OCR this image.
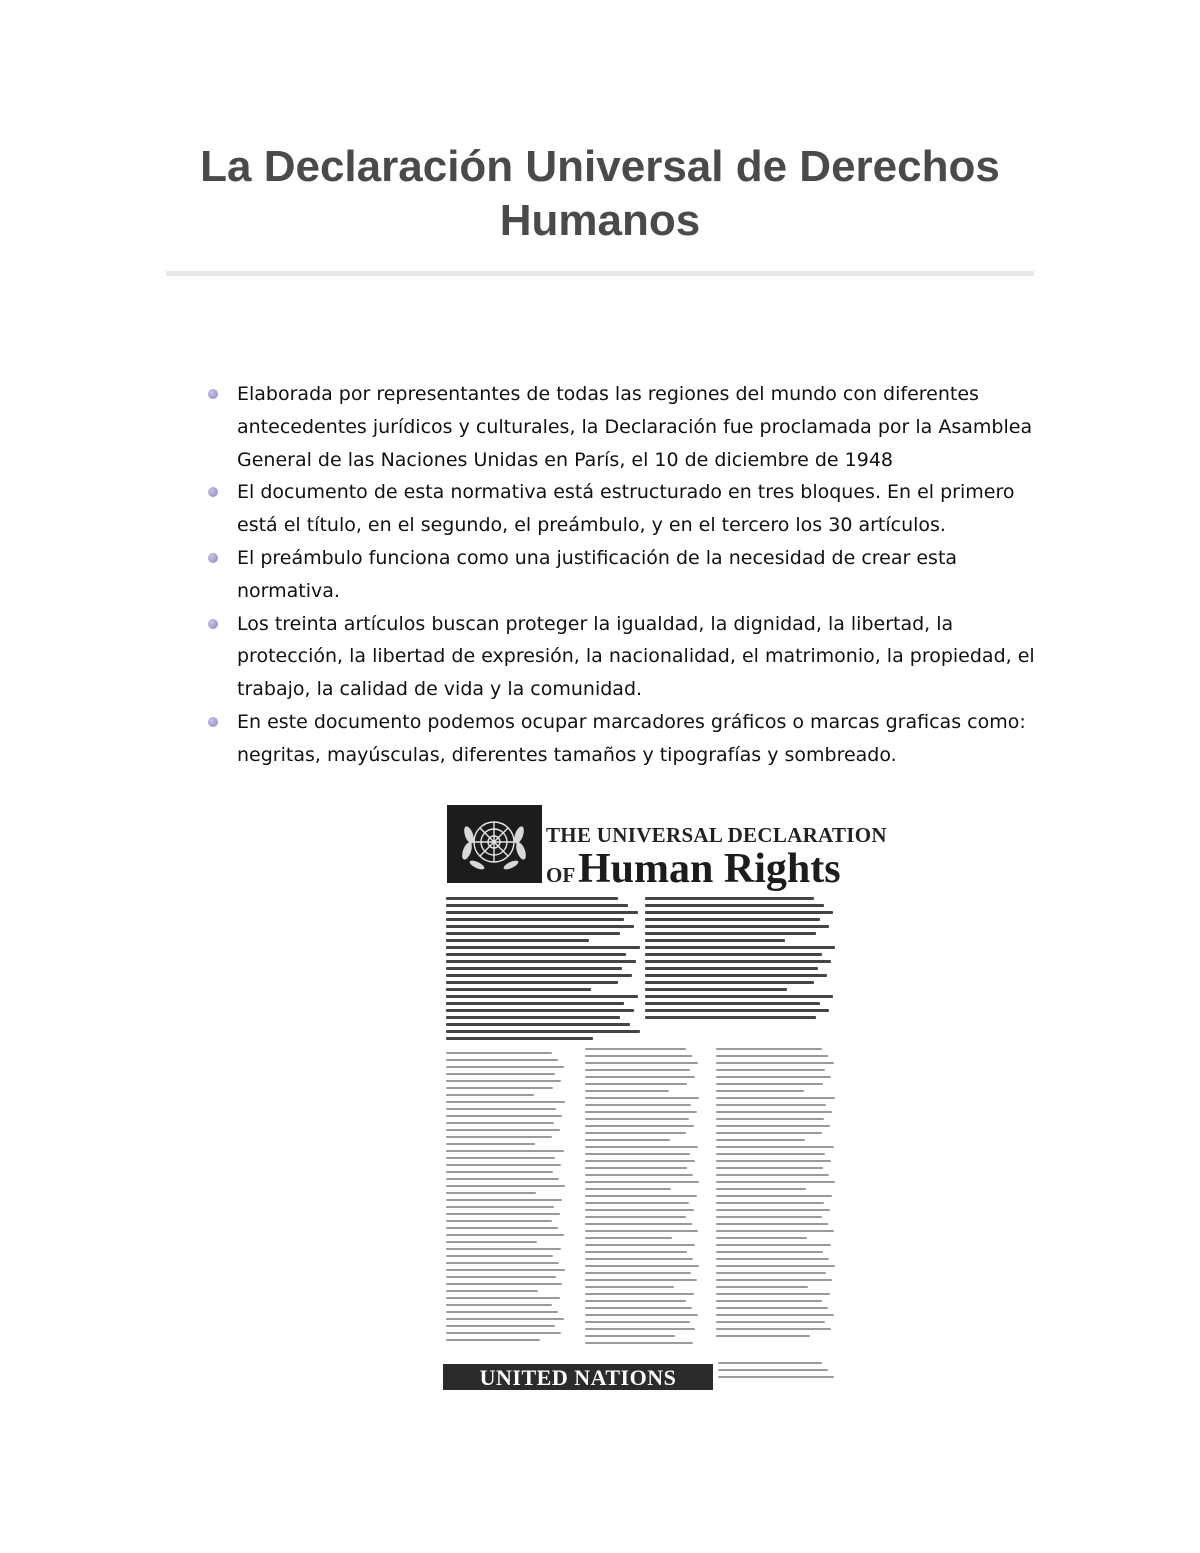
La Declaración Universal de Derechos
Humanos
Elaborada por representantes de todas las regiones del mundo con diferentes antecedentes jurídicos y culturales, la Declaración fue proclamada por la Asamblea General de las Naciones Unidas en París, el 10 de diciembre de 1948
El documento de esta normativa está estructurado en tres bloques. En el primero está el título, en el segundo, el preámbulo, y en el tercero los 30 artículos.
El preámbulo funciona como una justificación de la necesidad de crear esta normativa.
Los treinta artículos buscan proteger la igualdad, la dignidad, la libertad, la protección, la libertad de expresión, la nacionalidad, el matrimonio, la propiedad, el trabajo, la calidad de vida y la comunidad.
En este documento podemos ocupar marcadores gráficos o marcas graficas como: negritas, mayúsculas, diferentes tamaños y tipografías y sombreado.
THE UNIVERSAL DECLARATION
OF Human Rights
UNITED NATIONS
